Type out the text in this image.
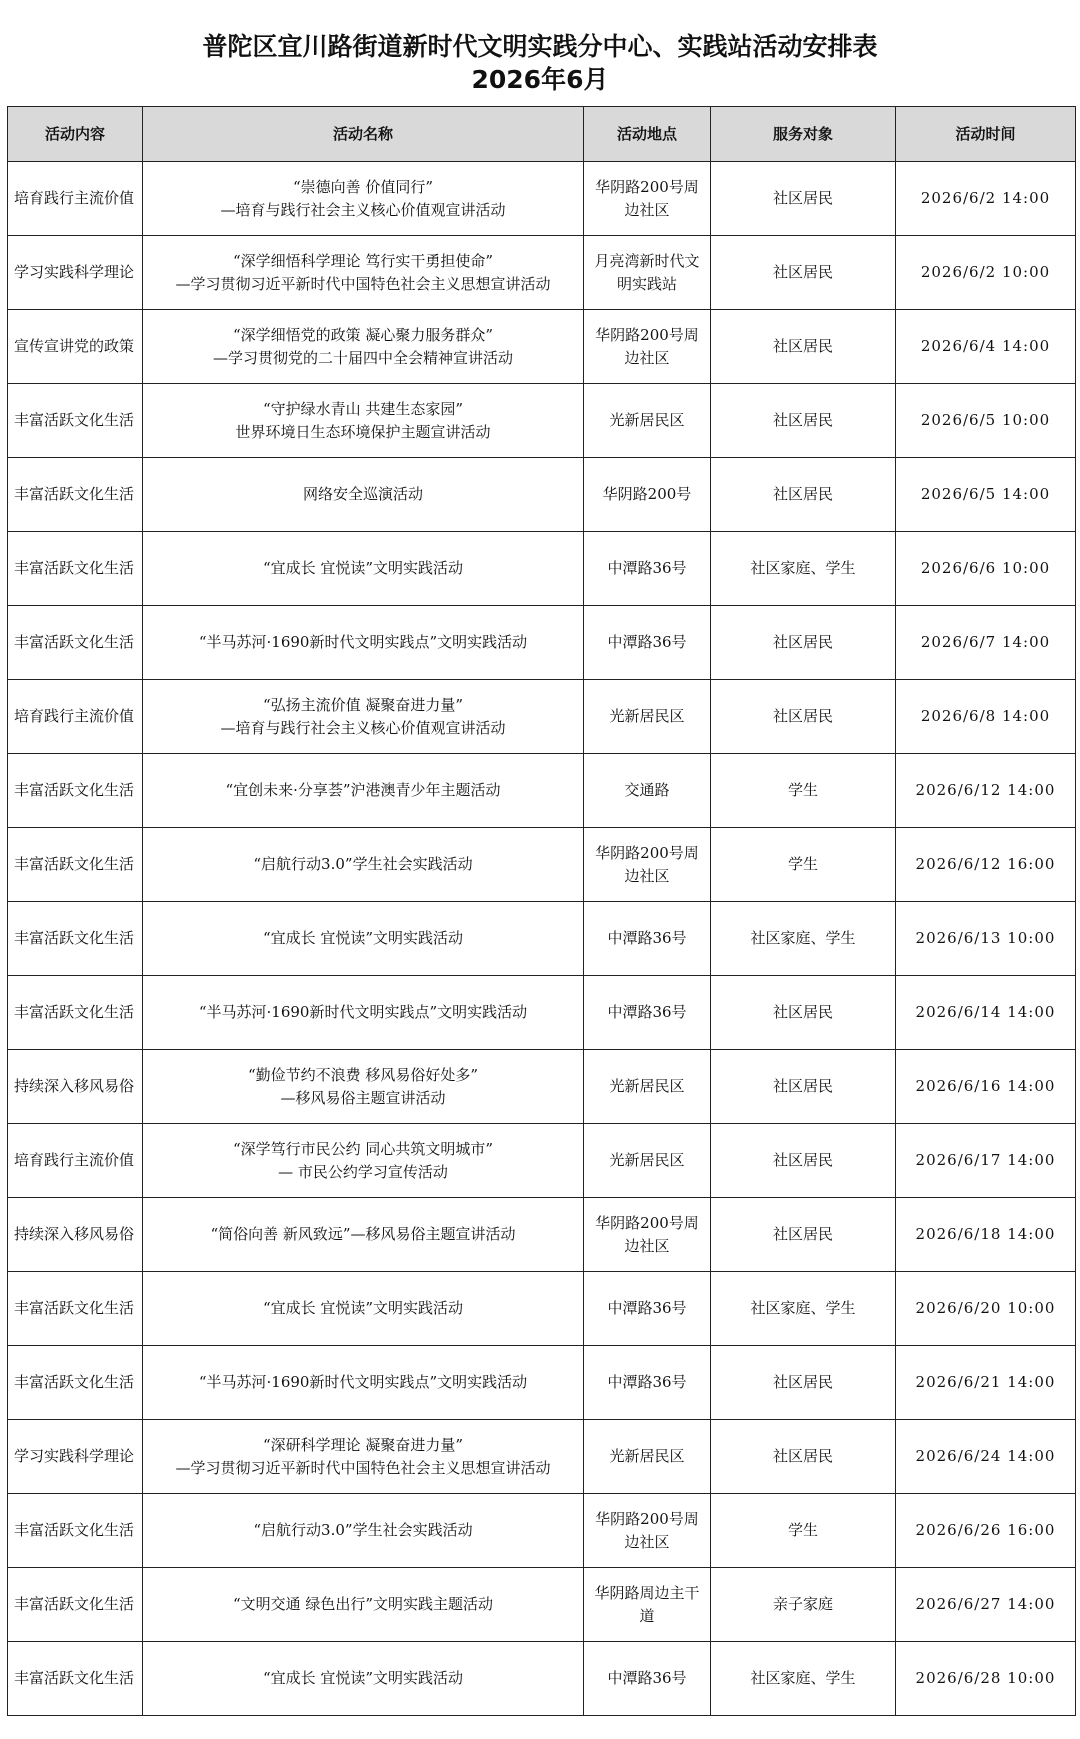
普陀区宜川路街道新时代文明实践分中心、实践站活动安排表
2026年6月
活动内容	活动名称	活动地点	服务对象	活动时间
培育践行主流价值	“崇德向善 价值同行”
—培育与践行社会主义核心价值观宣讲活动	华阴路200号周边社区	社区居民	2026/6/2 14:00
学习实践科学理论	“深学细悟科学理论 笃行实干勇担使命”
—学习贯彻习近平新时代中国特色社会主义思想宣讲活动	月亮湾新时代文明实践站	社区居民	2026/6/2 10:00
宣传宣讲党的政策	“深学细悟党的政策 凝心聚力服务群众”
—学习贯彻党的二十届四中全会精神宣讲活动	华阴路200号周边社区	社区居民	2026/6/4 14:00
丰富活跃文化生活	“守护绿水青山 共建生态家园”
世界环境日生态环境保护主题宣讲活动	光新居民区	社区居民	2026/6/5 10:00
丰富活跃文化生活	网络安全巡演活动	华阴路200号	社区居民	2026/6/5 14:00
丰富活跃文化生活	“宜成长 宜悦读”文明实践活动	中潭路36号	社区家庭、学生	2026/6/6 10:00
丰富活跃文化生活	“半马苏河·1690新时代文明实践点”文明实践活动	中潭路36号	社区居民	2026/6/7 14:00
培育践行主流价值	“弘扬主流价值 凝聚奋进力量”
—培育与践行社会主义核心价值观宣讲活动	光新居民区	社区居民	2026/6/8 14:00
丰富活跃文化生活	“宜创未来·分享荟”沪港澳青少年主题活动	交通路	学生	2026/6/12 14:00
丰富活跃文化生活	“启航行动3.0”学生社会实践活动	华阴路200号周边社区	学生	2026/6/12 16:00
丰富活跃文化生活	“宜成长 宜悦读”文明实践活动	中潭路36号	社区家庭、学生	2026/6/13 10:00
丰富活跃文化生活	“半马苏河·1690新时代文明实践点”文明实践活动	中潭路36号	社区居民	2026/6/14 14:00
持续深入移风易俗	“勤俭节约不浪费 移风易俗好处多”
—移风易俗主题宣讲活动	光新居民区	社区居民	2026/6/16 14:00
培育践行主流价值	“深学笃行市民公约 同心共筑文明城市”
— 市民公约学习宣传活动	光新居民区	社区居民	2026/6/17 14:00
持续深入移风易俗	“简俗向善 新风致远”—移风易俗主题宣讲活动	华阴路200号周边社区	社区居民	2026/6/18 14:00
丰富活跃文化生活	“宜成长 宜悦读”文明实践活动	中潭路36号	社区家庭、学生	2026/6/20 10:00
丰富活跃文化生活	“半马苏河·1690新时代文明实践点”文明实践活动	中潭路36号	社区居民	2026/6/21 14:00
学习实践科学理论	“深研科学理论 凝聚奋进力量”
—学习贯彻习近平新时代中国特色社会主义思想宣讲活动	光新居民区	社区居民	2026/6/24 14:00
丰富活跃文化生活	“启航行动3.0”学生社会实践活动	华阴路200号周边社区	学生	2026/6/26 16:00
丰富活跃文化生活	“文明交通 绿色出行”文明实践主题活动	华阴路周边主干道	亲子家庭	2026/6/27 14:00
丰富活跃文化生活	“宜成长 宜悦读”文明实践活动	中潭路36号	社区家庭、学生	2026/6/28 10:00
